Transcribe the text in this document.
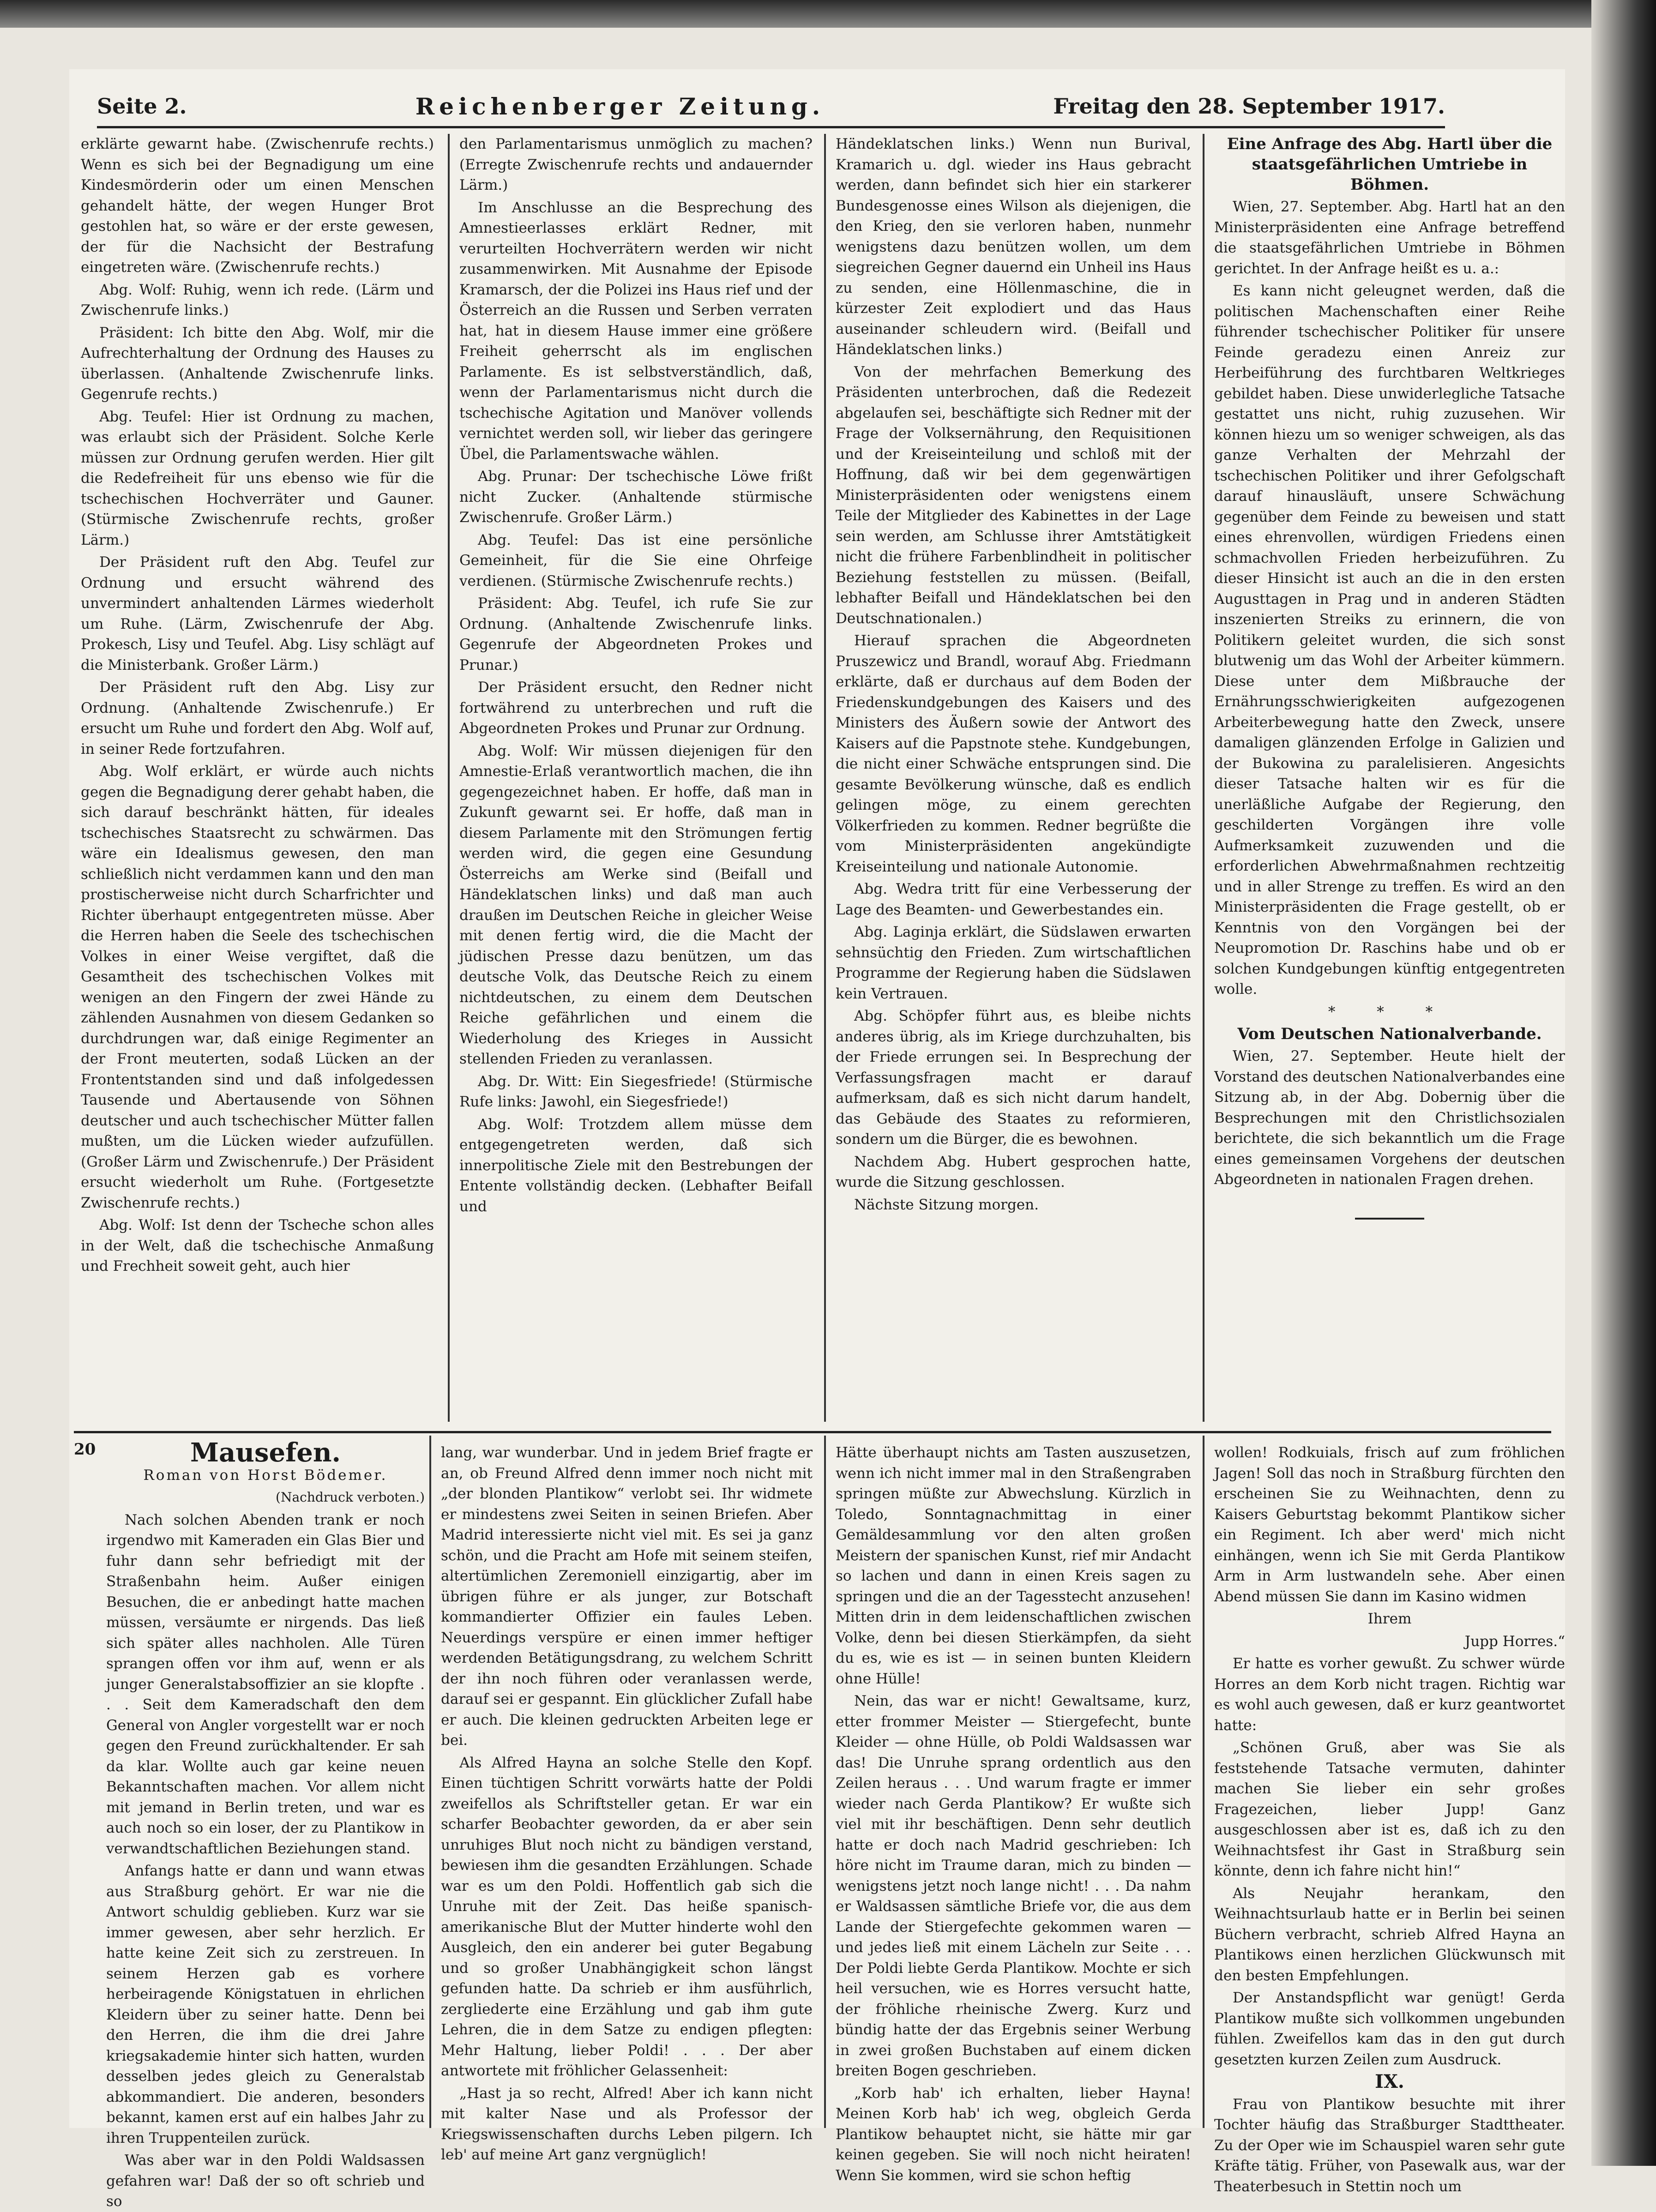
Seite 2.	Reichenberger Zeitung.	Freitag den 28. September 1917.

erklärte gewarnt habe. (Zwischenrufe rechts.) Wenn es sich bei der Begnadigung um eine Kindesmörderin oder um einen Menschen gehandelt hätte, der wegen Hunger Brot gestohlen hat, so wäre er der erste gewesen, der für die Nachsicht der Bestrafung eingetreten wäre. (Zwischenrufe rechts.)

Abg. Wolf: Ruhig, wenn ich rede. (Lärm und Zwischenrufe links.)

Präsident: Ich bitte den Abg. Wolf, mir die Aufrechterhaltung der Ordnung des Hauses zu überlassen. (Anhaltende Zwischenrufe links. Gegenrufe rechts.)

Abg. Teufel: Hier ist Ordnung zu machen, was erlaubt sich der Präsident. Solche Kerle müssen zur Ordnung gerufen werden. Hier gilt die Redefreiheit für uns ebenso wie für die tschechischen Hochverräter und Gauner. (Stürmische Zwischenrufe rechts, großer Lärm.)

Der Präsident ruft den Abg. Teufel zur Ordnung und ersucht während des unvermindert anhaltenden Lärmes wiederholt um Ruhe. (Lärm, Zwischenrufe der Abg. Prokesch, Lisy und Teufel. Abg. Lisy schlägt auf die Ministerbank. Großer Lärm.)

Der Präsident ruft den Abg. Lisy zur Ordnung. (Anhaltende Zwischenrufe.) Er ersucht um Ruhe und fordert den Abg. Wolf auf, in seiner Rede fortzufahren.

Abg. Wolf erklärt, er würde auch nichts gegen die Begnadigung derer gehabt haben, die sich darauf beschränkt hätten, für ideales tschechisches Staatsrecht zu schwärmen. Das wäre ein Idealismus gewesen, den man schließlich nicht verdammen kann und den man prostischerweise nicht durch Scharfrichter und Richter überhaupt entgegentreten müsse. Aber die Herren haben die Seele des tschechischen Volkes in einer Weise vergiftet, daß die Gesamtheit des tschechischen Volkes mit wenigen an den Fingern der zwei Hände zu zählenden Ausnahmen von diesem Gedanken so durchdrungen war, daß einige Regimenter an der Front meuterten, sodaß Lücken an der Frontentstanden sind und daß infolgedessen Tausende und Abertausende von Söhnen deutscher und auch tschechischer Mütter fallen mußten, um die Lücken wieder aufzufüllen. (Großer Lärm und Zwischenrufe.) Der Präsident ersucht wiederholt um Ruhe. (Fortgesetzte Zwischenrufe rechts.)

Abg. Wolf: Ist denn der Tscheche schon alles in der Welt, daß die tschechische Anmaßung und Frechheit soweit geht, auch hier

den Parlamentarismus unmöglich zu machen? (Erregte Zwischenrufe rechts und andauernder Lärm.)

Im Anschlusse an die Besprechung des Amnestieerlasses erklärt Redner, mit verurteilten Hochverrätern werden wir nicht zusammenwirken. Mit Ausnahme der Episode Kramarsch, der die Polizei ins Haus rief und der Österreich an die Russen und Serben verraten hat, hat in diesem Hause immer eine größere Freiheit geherrscht als im englischen Parlamente. Es ist selbstverständlich, daß, wenn der Parlamentarismus nicht durch die tschechische Agitation und Manöver vollends vernichtet werden soll, wir lieber das geringere Übel, die Parlamentswache wählen.

Abg. Prunar: Der tschechische Löwe frißt nicht Zucker. (Anhaltende stürmische Zwischenrufe. Großer Lärm.)

Abg. Teufel: Das ist eine persönliche Gemeinheit, für die Sie eine Ohrfeige verdienen. (Stürmische Zwischenrufe rechts.)

Präsident: Abg. Teufel, ich rufe Sie zur Ordnung. (Anhaltende Zwischenrufe links. Gegenrufe der Abgeordneten Prokes und Prunar.)

Der Präsident ersucht, den Redner nicht fortwährend zu unterbrechen und ruft die Abgeordneten Prokes und Prunar zur Ordnung.

Abg. Wolf: Wir müssen diejenigen für den Amnestie-Erlaß verantwortlich machen, die ihn gegengezeichnet haben. Er hoffe, daß man in Zukunft gewarnt sei. Er hoffe, daß man in diesem Parlamente mit den Strömungen fertig werden wird, die gegen eine Gesundung Österreichs am Werke sind (Beifall und Händeklatschen links) und daß man auch draußen im Deutschen Reiche in gleicher Weise mit denen fertig wird, die die Macht der jüdischen Presse dazu benützen, um das deutsche Volk, das Deutsche Reich zu einem nichtdeutschen, zu einem dem Deutschen Reiche gefährlichen und einem die Wiederholung des Krieges in Aussicht stellenden Frieden zu veranlassen.

Abg. Dr. Witt: Ein Siegesfriede! (Stürmische Rufe links: Jawohl, ein Siegesfriede!)

Abg. Wolf: Trotzdem allem müsse dem entgegengetreten werden, daß sich innerpolitische Ziele mit den Bestrebungen der Entente vollständig decken. (Lebhafter Beifall und

Händeklatschen links.) Wenn nun Burival, Kramarich u. dgl. wieder ins Haus gebracht werden, dann befindet sich hier ein starkerer Bundesgenosse eines Wilson als diejenigen, die den Krieg, den sie verloren haben, nunmehr wenigstens dazu benützen wollen, um dem siegreichen Gegner dauernd ein Unheil ins Haus zu senden, eine Höllenmaschine, die in kürzester Zeit explodiert und das Haus auseinander schleudern wird. (Beifall und Händeklatschen links.)

Von der mehrfachen Bemerkung des Präsidenten unterbrochen, daß die Redezeit abgelaufen sei, beschäftigte sich Redner mit der Frage der Volksernährung, den Requisitionen und der Kreiseinteilung und schloß mit der Hoffnung, daß wir bei dem gegenwärtigen Ministerpräsidenten oder wenigstens einem Teile der Mitglieder des Kabinettes in der Lage sein werden, am Schlusse ihrer Amtstätigkeit nicht die frühere Farbenblindheit in politischer Beziehung feststellen zu müssen. (Beifall, lebhafter Beifall und Händeklatschen bei den Deutschnationalen.)

Hierauf sprachen die Abgeordneten Pruszewicz und Brandl, worauf Abg. Friedmann erklärte, daß er durchaus auf dem Boden der Friedenskundgebungen des Kaisers und des Ministers des Äußern sowie der Antwort des Kaisers auf die Papstnote stehe. Kundgebungen, die nicht einer Schwäche entsprungen sind. Die gesamte Bevölkerung wünsche, daß es endlich gelingen möge, zu einem gerechten Völkerfrieden zu kommen. Redner begrüßte die vom Ministerpräsidenten angekündigte Kreiseinteilung und nationale Autonomie.

Abg. Wedra tritt für eine Verbesserung der Lage des Beamten- und Gewerbestandes ein.

Abg. Laginja erklärt, die Südslawen erwarten sehnsüchtig den Frieden. Zum wirtschaftlichen Programme der Regierung haben die Südslawen kein Vertrauen.

Abg. Schöpfer führt aus, es bleibe nichts anderes übrig, als im Kriege durchzuhalten, bis der Friede errungen sei. In Besprechung der Verfassungsfragen macht er darauf aufmerksam, daß es sich nicht darum handelt, das Gebäude des Staates zu reformieren, sondern um die Bürger, die es bewohnen.

Nachdem Abg. Hubert gesprochen hatte, wurde die Sitzung geschlossen.

Nächste Sitzung morgen.

Eine Anfrage des Abg. Hartl über die staatsgefährlichen Umtriebe in Böhmen.

Wien, 27. September. Abg. Hartl hat an den Ministerpräsidenten eine Anfrage betreffend die staatsgefährlichen Umtriebe in Böhmen gerichtet. In der Anfrage heißt es u. a.:

Es kann nicht geleugnet werden, daß die politischen Machenschaften einer Reihe führender tschechischer Politiker für unsere Feinde geradezu einen Anreiz zur Herbeiführung des furchtbaren Weltkrieges gebildet haben. Diese unwiderlegliche Tatsache gestattet uns nicht, ruhig zuzusehen. Wir können hiezu um so weniger schweigen, als das ganze Verhalten der Mehrzahl der tschechischen Politiker und ihrer Gefolgschaft darauf hinausläuft, unsere Schwächung gegenüber dem Feinde zu beweisen und statt eines ehrenvollen, würdigen Friedens einen schmachvollen Frieden herbeizuführen. Zu dieser Hinsicht ist auch an die in den ersten Augusttagen in Prag und in anderen Städten inszenierten Streiks zu erinnern, die von Politikern geleitet wurden, die sich sonst blutwenig um das Wohl der Arbeiter kümmern. Diese unter dem Mißbrauche der Ernährungsschwierigkeiten aufgezogenen Arbeiterbewegung hatte den Zweck, unsere damaligen glänzenden Erfolge in Galizien und der Bukowina zu paralelisieren. Angesichts dieser Tatsache halten wir es für die unerläßliche Aufgabe der Regierung, den geschilderten Vorgängen ihre volle Aufmerksamkeit zuzuwenden und die erforderlichen Abwehrmaßnahmen rechtzeitig und in aller Strenge zu treffen. Es wird an den Ministerpräsidenten die Frage gestellt, ob er Kenntnis von den Vorgängen bei der Neupromotion Dr. Raschins habe und ob er solchen Kundgebungen künftig entgegentreten wolle.

* * *

Vom Deutschen Nationalverbande.

Wien, 27. September. Heute hielt der Vorstand des deutschen Nationalverbandes eine Sitzung ab, in der Abg. Dobernig über die Besprechungen mit den Christlichsozialen berichtete, die sich bekanntlich um die Frage eines gemeinsamen Vorgehens der deutschen Abgeordneten in nationalen Fragen drehen.

20	Mausefen.

Roman von Horst Bödemer.

(Nachdruck verboten.)

Nach solchen Abenden trank er noch irgendwo mit Kameraden ein Glas Bier und fuhr dann sehr befriedigt mit der Straßenbahn heim. Außer einigen Besuchen, die er anbedingt hatte machen müssen, versäumte er nirgends. Das ließ sich später alles nachholen. Alle Türen sprangen offen vor ihm auf, wenn er als junger Generalstabsoffizier an sie klopfte . . . Seit dem Kameradschaft den dem General von Angler vorgestellt war er noch gegen den Freund zurückhaltender. Er sah da klar. Wollte auch gar keine neuen Bekanntschaften machen. Vor allem nicht mit jemand in Berlin treten, und war es auch noch so ein loser, der zu Plantikow in verwandtschaftlichen Beziehungen stand.

Anfangs hatte er dann und wann etwas aus Straßburg gehört. Er war nie die Antwort schuldig geblieben. Kurz war sie immer gewesen, aber sehr herzlich. Er hatte keine Zeit sich zu zerstreuen. In seinem Herzen gab es vorhere herbeiragende Königstatuen in ehrlichen Kleidern über zu seiner hatte. Denn bei den Herren, die ihm die drei Jahre kriegsakademie hinter sich hatten, wurden desselben jedes gleich zu Generalstab abkommandiert. Die anderen, besonders bekannt, kamen erst auf ein halbes Jahr zu ihren Truppenteilen zurück.

Was aber war in den Poldi Waldsassen gefahren war! Daß der so oft schrieb und so

lang, war wunderbar. Und in jedem Brief fragte er an, ob Freund Alfred denn immer noch nicht mit „der blonden Plantikow“ verlobt sei. Ihr widmete er mindestens zwei Seiten in seinen Briefen. Aber Madrid interessierte nicht viel mit. Es sei ja ganz schön, und die Pracht am Hofe mit seinem steifen, altertümlichen Zeremoniell einzigartig, aber im übrigen führe er als junger, zur Botschaft kommandierter Offizier ein faules Leben. Neuerdings verspüre er einen immer heftiger werdenden Betätigungsdrang, zu welchem Schritt der ihn noch führen oder veranlassen werde, darauf sei er gespannt. Ein glücklicher Zufall habe er auch. Die kleinen gedruckten Arbeiten lege er bei.

Als Alfred Hayna an solche Stelle den Kopf. Einen tüchtigen Schritt vorwärts hatte der Poldi zweifellos als Schriftsteller getan. Er war ein scharfer Beobachter geworden, da er aber sein unruhiges Blut noch nicht zu bändigen verstand, bewiesen ihm die gesandten Erzählungen. Schade war es um den Poldi. Hoffentlich gab sich die Unruhe mit der Zeit. Das heiße spanisch-amerikanische Blut der Mutter hinderte wohl den Ausgleich, den ein anderer bei guter Begabung und so großer Unabhängigkeit schon längst gefunden hatte. Da schrieb er ihm ausführlich, zergliederte eine Erzählung und gab ihm gute Lehren, die in dem Satze zu endigen pflegten: Mehr Haltung, lieber Poldi! . . . Der aber antwortete mit fröhlicher Gelassenheit:

„Hast ja so recht, Alfred! Aber ich kann nicht mit kalter Nase und als Professor der Kriegswissenschaften durchs Leben pilgern. Ich leb' auf meine Art ganz vergnüglich!

Hätte überhaupt nichts am Tasten auszusetzen, wenn ich nicht immer mal in den Straßengraben springen müßte zur Abwechslung. Kürzlich in Toledo, Sonntagnachmittag in einer Gemäldesammlung vor den alten großen Meistern der spanischen Kunst, rief mir Andacht so lachen und dann in einen Kreis sagen zu springen und die an der Tagesstecht anzusehen! Mitten drin in dem leidenschaftlichen zwischen Volke, denn bei diesen Stierkämpfen, da sieht du es, wie es ist — in seinen bunten Kleidern ohne Hülle!

Nein, das war er nicht! Gewaltsame, kurz, etter frommer Meister — Stiergefecht, bunte Kleider — ohne Hülle, ob Poldi Waldsassen war das! Die Unruhe sprang ordentlich aus den Zeilen heraus . . . Und warum fragte er immer wieder nach Gerda Plantikow? Er wußte sich viel mit ihr beschäftigen. Denn sehr deutlich hatte er doch nach Madrid geschrieben: Ich höre nicht im Traume daran, mich zu binden — wenigstens jetzt noch lange nicht! . . . Da nahm er Waldsassen sämtliche Briefe vor, die aus dem Lande der Stiergefechte gekommen waren — und jedes ließ mit einem Lächeln zur Seite . . . Der Poldi liebte Gerda Plantikow. Mochte er sich heil versuchen, wie es Horres versucht hatte, der fröhliche rheinische Zwerg. Kurz und bündig hatte der das Ergebnis seiner Werbung in zwei großen Buchstaben auf einem dicken breiten Bogen geschrieben.

„Korb hab' ich erhalten, lieber Hayna! Meinen Korb hab' ich weg, obgleich Gerda Plantikow behauptet nicht, sie hätte mir gar keinen gegeben. Sie will noch nicht heiraten! Wenn Sie kommen, wird sie schon heftig

wollen! Rodkuials, frisch auf zum fröhlichen Jagen! Soll das noch in Straßburg fürchten den erscheinen Sie zu Weihnachten, denn zu Kaisers Geburtstag bekommt Plantikow sicher ein Regiment. Ich aber werd' mich nicht einhängen, wenn ich Sie mit Gerda Plantikow Arm in Arm lustwandeln sehe. Aber einen Abend müssen Sie dann im Kasino widmen

Ihrem

Jupp Horres.“

Er hatte es vorher gewußt. Zu schwer würde Horres an dem Korb nicht tragen. Richtig war es wohl auch gewesen, daß er kurz geantwortet hatte:

„Schönen Gruß, aber was Sie als feststehende Tatsache vermuten, dahinter machen Sie lieber ein sehr großes Fragezeichen, lieber Jupp! Ganz ausgeschlossen aber ist es, daß ich zu den Weihnachtsfest ihr Gast in Straßburg sein könnte, denn ich fahre nicht hin!“

Als Neujahr herankam, den Weihnachtsurlaub hatte er in Berlin bei seinen Büchern verbracht, schrieb Alfred Hayna an Plantikows einen herzlichen Glückwunsch mit den besten Empfehlungen.

Der Anstandspflicht war genügt! Gerda Plantikow mußte sich vollkommen ungebunden fühlen. Zweifellos kam das in den gut durch gesetzten kurzen Zeilen zum Ausdruck.

IX.

Frau von Plantikow besuchte mit ihrer Tochter häufig das Straßburger Stadttheater. Zu der Oper wie im Schauspiel waren sehr gute Kräfte tätig. Früher, von Pasewalk aus, war der Theaterbesuch in Stettin noch um
